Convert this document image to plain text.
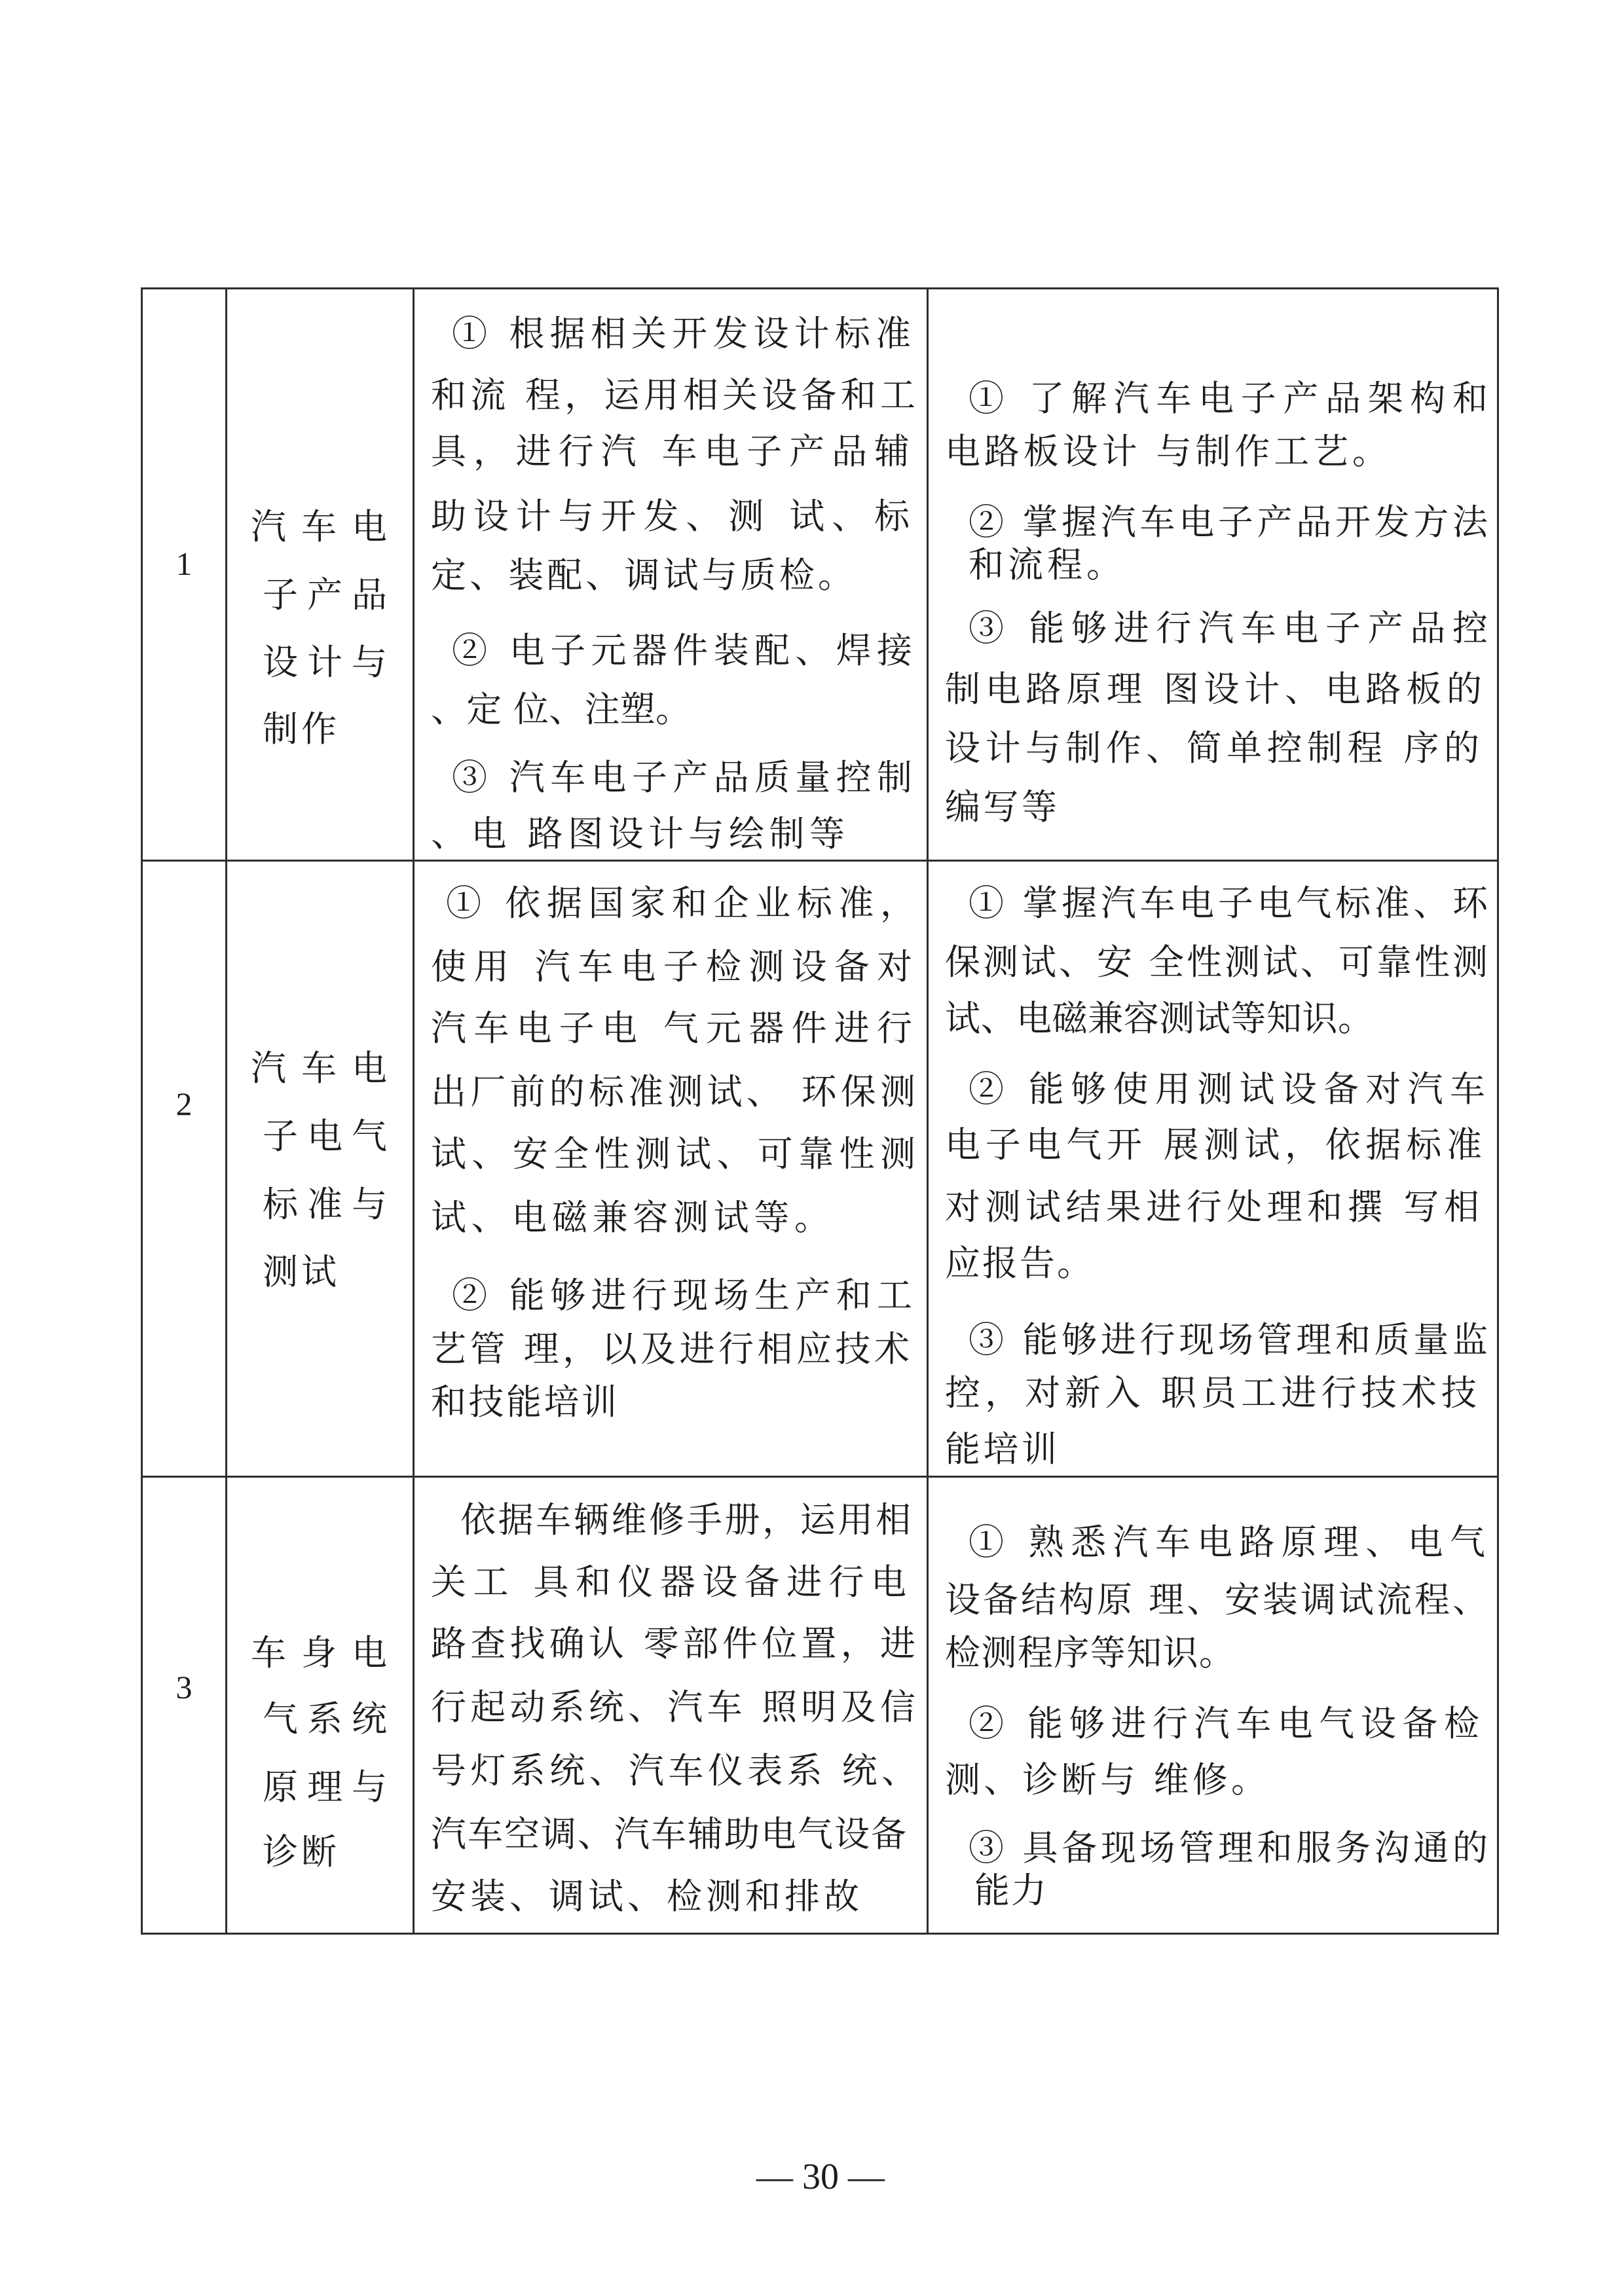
1
汽 车 电
子 产 品
设 计 与
制作
① 根据相关开发设计标准
和流 程，运用相关设备和工
具，进行汽 车电子产品辅
助设计与开发、测 试、标
定、装配、调试与质检。
② 电子元器件装配、焊接
、定 位、注塑。
③ 汽车电子产品质量控制
、电 路图设计与绘制等
① 了解汽车电子产品架构和
电路板设计 与制作工艺。
② 掌握汽车电子产品开发方法
和流程。
③ 能够进行汽车电子产品控
制电路原理 图设计、电路板的
设计与制作、简单控制程 序的
编写等
2
汽 车 电
子 电 气
标 准 与
测试
① 依据国家和企业标准，
使用 汽车电子检测设备对
汽车电子电 气元器件进行
出厂前的标准测试、 环保测
试、安全性测试、可靠性测
试、电磁兼容测试等。
② 能够进行现场生产和工
艺管 理，以及进行相应技术
和技能培训
① 掌握汽车电子电气标准、环
保测试、安 全性测试、可靠性测
试、电磁兼容测试等知识。
② 能够使用测试设备对汽车
电子电气开 展测试，依据标准
对测试结果进行处理和撰 写相
应报告。
③ 能够进行现场管理和质量监
控，对新入 职员工进行技术技
能培训
3
车 身 电
气 系 统
原 理 与
诊断
依据车辆维修手册，运用相
关工 具和仪器设备进行电
路查找确认 零部件位置，进
行起动系统、汽车 照明及信
号灯系统、汽车仪表系 统、
汽车空调、汽车辅助电气设备
安装、调试、检测和排故
① 熟悉汽车电路原理、电气
设备结构原 理、安装调试流程、
检测程序等知识。
② 能够进行汽车电气设备检
测、诊断与 维修。
③ 具备现场管理和服务沟通的
能力
— 30 —
